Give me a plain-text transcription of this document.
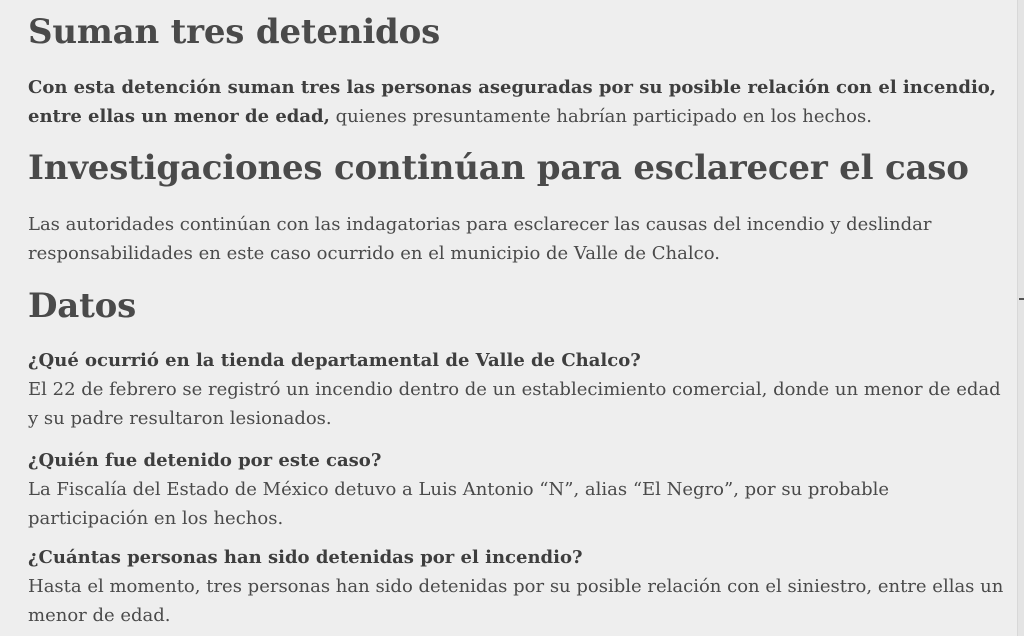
Suman tres detenidos

Con esta detención suman tres las personas aseguradas por su posible relación con el incendio, entre ellas un menor de edad, quienes presuntamente habrían participado en los hechos.

Investigaciones continúan para esclarecer el caso

Las autoridades continúan con las indagatorias para esclarecer las causas del incendio y deslindar responsabilidades en este caso ocurrido en el municipio de Valle de Chalco.

Datos
¿Qué ocurrió en la tienda departamental de Valle de Chalco?
El 22 de febrero se registró un incendio dentro de un establecimiento comercial, donde un menor de edad y su padre resultaron lesionados.
¿Quién fue detenido por este caso?
La Fiscalía del Estado de México detuvo a Luis Antonio “N”, alias “El Negro”, por su probable participación en los hechos.
¿Cuántas personas han sido detenidas por el incendio?
Hasta el momento, tres personas han sido detenidas por su posible relación con el siniestro, entre ellas un menor de edad.
